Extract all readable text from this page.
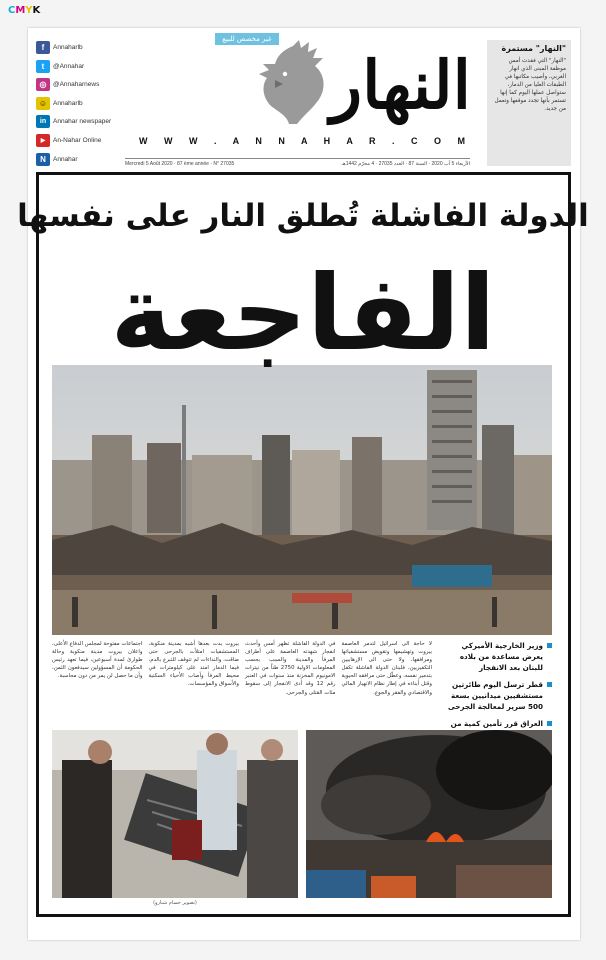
CMYK
f	Annaharlb
t	@Annahar
◎	@Annaharnews
☺ Annaharlb
in	Annahar newspaper
▶	An-Nahar Online
N	Annahar
غير مخصص للبيع
النهار
W W W . A N N A H A R . C O M
Mercredi 5 Août 2020 · 87 ème année · N° 27035	الأربعاء 5 آب 2020 · السنة 87 · العدد 27035 · 4 محرّم 1442هـ
"النهار" مستمرة
"النهار" التي فقدت أمس موظفة المبنى الذي انهار الغربي، وأصيب مكاتبها في الطبقات العليا من الدمار، ستواصل عملها اليوم كما إنها تستمر بأنها تجدد موقفها وتعمل من جديد.
الدولة الفاشلة تُطلق النار على نفسها
الفاجعة
لا حاجة الى اسرائيل لتدمر العاصمة بيروت وتهشيمها وتقويض مستشفياتها ومرافقها، ولا حتى الى الإرهابيين التكفيريين، فلبنان الدولة الفاشلة تكفل بتدمير نفسه، وعطّل حتى مرافقه الحيوية وقتل أبناءه في إطار نظام الانهيار المالي والاقتصادي والفقر والجوع.
في الدولة الفاشلة تظهر أمس وأحدث انفجار شهدته العاصمة على أطراف المرفأ والمدينة والسبب بحسب المعلومات الاولية 2750 طناً من نيترات الامونيوم المخزنة منذ سنوات في العنبر رقم 12 وقد أدى الانفجار إلى سقوط مئات القتلى والجرحى.
بيروت بدت بعدها أشبه بمدينة منكوبة، المستشفيات امتلأت بالجرحى حتى ضاقت، والنداءات لم تتوقف للتبرع بالدم، فيما الدمار امتد على كيلومترات في محيط المرفأ وأصاب الأحياء السكنية والأسواق والمؤسسات.
اجتماعات مفتوحة لمجلس الدفاع الأعلى، واعلان بيروت مدينة منكوبة وحالة طوارئ لمدة أسبوعين، فيما تعهد رئيس الحكومة أن المسؤولين سيدفعون الثمن، وأن ما حصل لن يمر من دون محاسبة.
وزير الخارجية الأميركي يعرض مساعدة من بلاده للبنان بعد الانفجار
قطر ترسل اليوم طائرتين مستشفيين ميدانيين بسعة 500 سرير لمعالجة الجرحى
العراق قرر تأمين كمية من
(تصوير حسام شبارو)
